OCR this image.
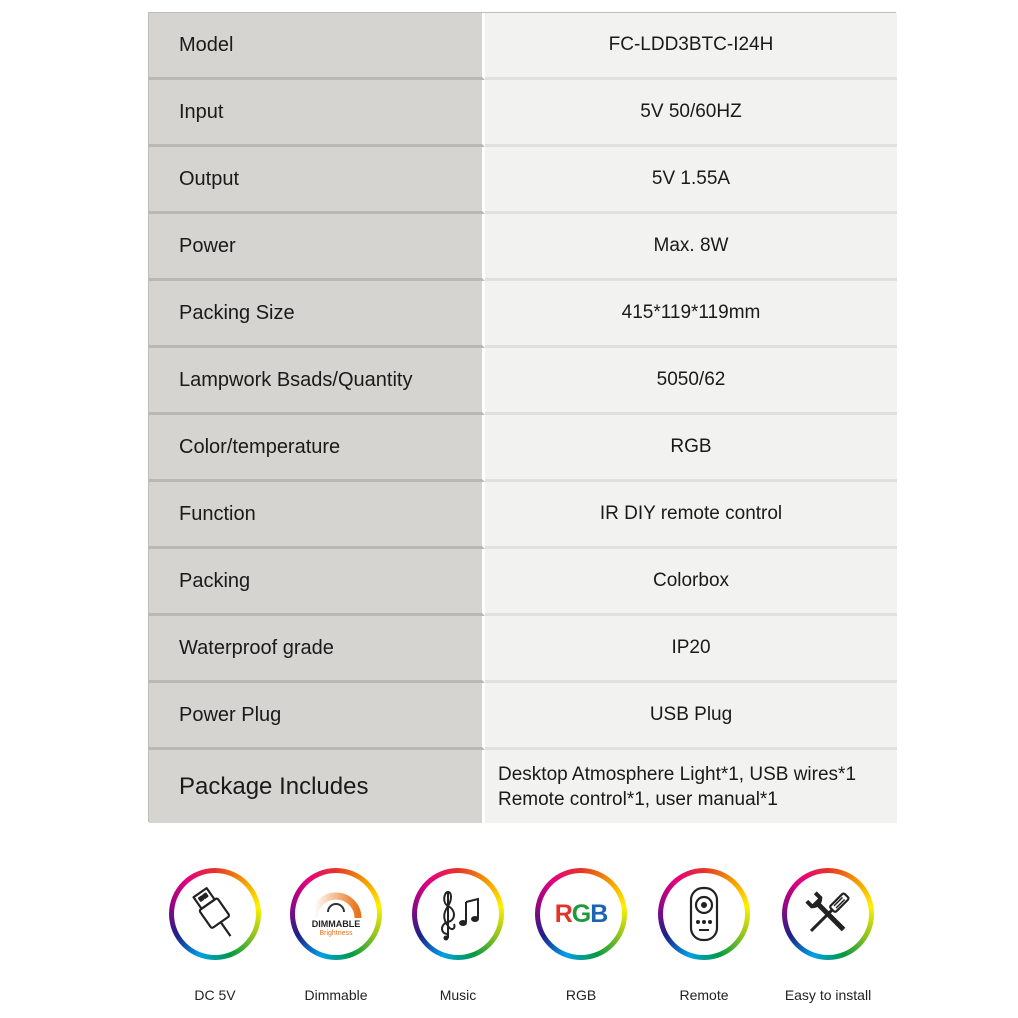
Model	FC-LDD3BTC-I24H
Input	5V 50/60HZ
Output	5V 1.55A
Power	Max. 8W
Packing Size	415*119*119mm
Lampwork Bsads/Quantity	5050/62
Color/temperature	RGB
Function	IR DIY remote control
Packing	Colorbox
Waterproof grade	IP20
Power Plug	USB Plug
Package Includes	Desktop Atmosphere Light*1, USB wires*1
Remote control*1, user manual*1
DC 5V
DIMMABLE
Brightness
Dimmable	Music
RGB
RGB	Remote	Easy to install
